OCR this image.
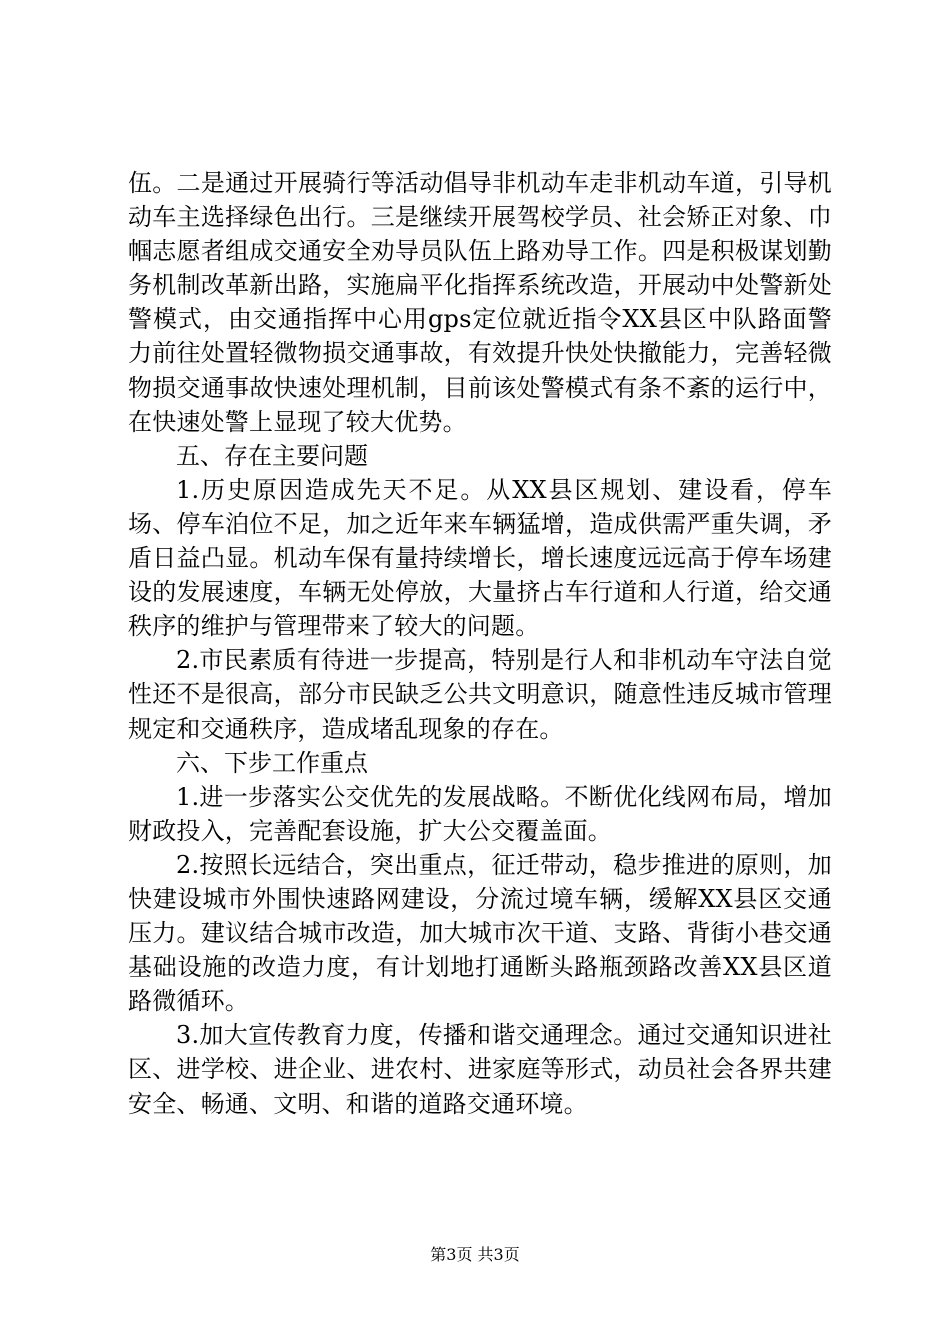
伍。二是通过开展骑行等活动倡导非机动车走非机动车道，引导机动车主选择绿色出行。三是继续开展驾校学员、社会矫正对象、巾帼志愿者组成交通安全劝导员队伍上路劝导工作。四是积极谋划勤务机制改革新出路，实施扁平化指挥系统改造，开展动中处警新处警模式，由交通指挥中心用gps定位就近指令XX县区中队路面警力前往处置轻微物损交通事故，有效提升快处快撤能力，完善轻微物损交通事故快速处理机制，目前该处警模式有条不紊的运行中，在快速处警上显现了较大优势。

五、存在主要问题

1.历史原因造成先天不足。从XX县区规划、建设看，停车场、停车泊位不足，加之近年来车辆猛增，造成供需严重失调，矛盾日益凸显。机动车保有量持续增长，增长速度远远高于停车场建设的发展速度，车辆无处停放，大量挤占车行道和人行道，给交通秩序的维护与管理带来了较大的问题。

2.市民素质有待进一步提高，特别是行人和非机动车守法自觉性还不是很高，部分市民缺乏公共文明意识，随意性违反城市管理规定和交通秩序，造成堵乱现象的存在。

六、下步工作重点

1.进一步落实公交优先的发展战略。不断优化线网布局，增加财政投入，完善配套设施，扩大公交覆盖面。

2.按照长远结合，突出重点，征迁带动，稳步推进的原则，加快建设城市外围快速路网建设，分流过境车辆，缓解XX县区交通压力。建议结合城市改造，加大城市次干道、支路、背街小巷交通基础设施的改造力度，有计划地打通断头路瓶颈路改善XX县区道路微循环。

3.加大宣传教育力度，传播和谐交通理念。通过交通知识进社区、进学校、进企业、进农村、进家庭等形式，动员社会各界共建安全、畅通、文明、和谐的道路交通环境。

第3页 共3页
